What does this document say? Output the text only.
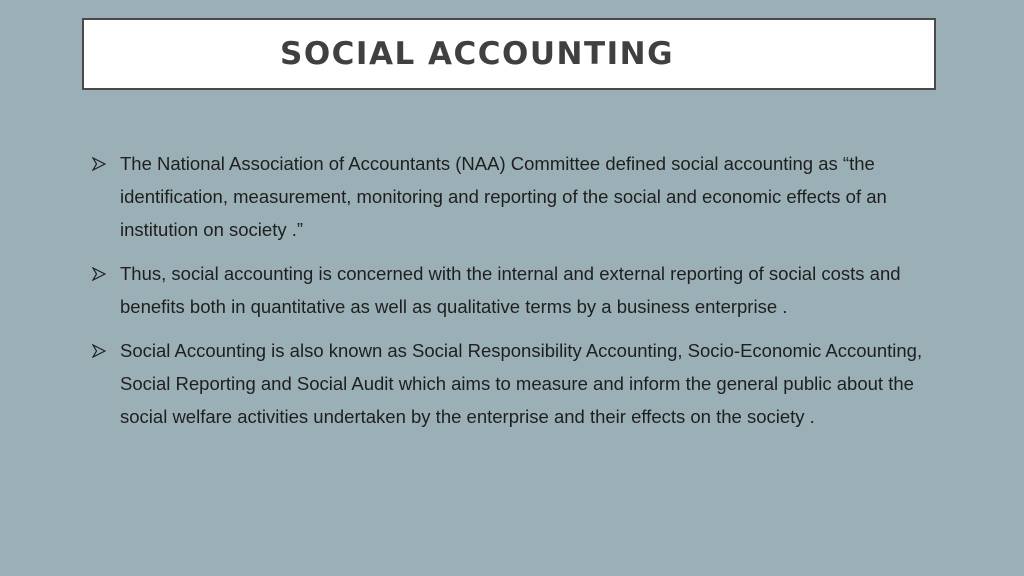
SOCIAL ACCOUNTING
The National Association of Accountants (NAA) Committee defined social accounting as “the identification, measurement, monitoring and reporting of the social and economic effects of an institution on society .”
Thus, social accounting is concerned with the internal and external reporting of social costs and benefits both in quantitative as well as qualitative terms by a business enterprise .
Social Accounting is also known as Social Responsibility Accounting, Socio-Economic Accounting, Social Reporting and Social Audit which aims to measure and inform the general public about the social welfare activities undertaken by the enterprise and their effects on the society .
